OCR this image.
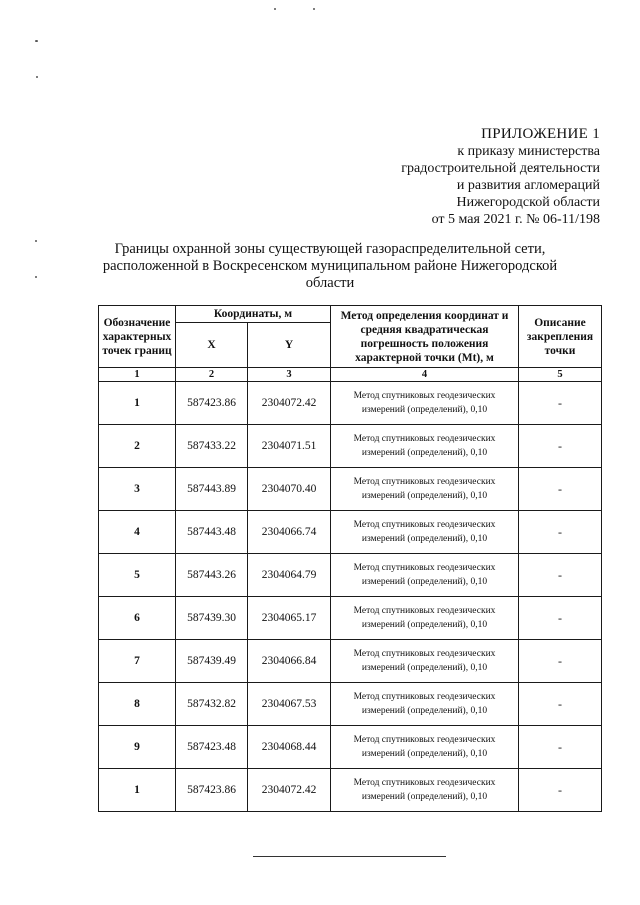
ПРИЛОЖЕНИЕ 1
к приказу министерства
градостроительной деятельности
и развития агломераций
Нижегородской области
от 5 мая 2021 г. № 06-11/198
Границы охранной зоны существующей газораспределительной сети,
расположенной в Воскресенском муниципальном районе Нижегородской
области
Обозначение характерных точек границ	Координаты, м		Метод определения координат и средняя квадратическая погрешность положения характерной точки (Mt), м	Описание закрепления точки
	X	Y		
1	2	3	4	5
1	587423.86	2304072.42	Метод спутниковых геодезических измерений (определений), 0,10	-
2	587433.22	2304071.51	Метод спутниковых геодезических измерений (определений), 0,10	-
3	587443.89	2304070.40	Метод спутниковых геодезических измерений (определений), 0,10	-
4	587443.48	2304066.74	Метод спутниковых геодезических измерений (определений), 0,10	-
5	587443.26	2304064.79	Метод спутниковых геодезических измерений (определений), 0,10	-
6	587439.30	2304065.17	Метод спутниковых геодезических измерений (определений), 0,10	-
7	587439.49	2304066.84	Метод спутниковых геодезических измерений (определений), 0,10	-
8	587432.82	2304067.53	Метод спутниковых геодезических измерений (определений), 0,10	-
9	587423.48	2304068.44	Метод спутниковых геодезических измерений (определений), 0,10	-
1	587423.86	2304072.42	Метод спутниковых геодезических измерений (определений), 0,10	-
